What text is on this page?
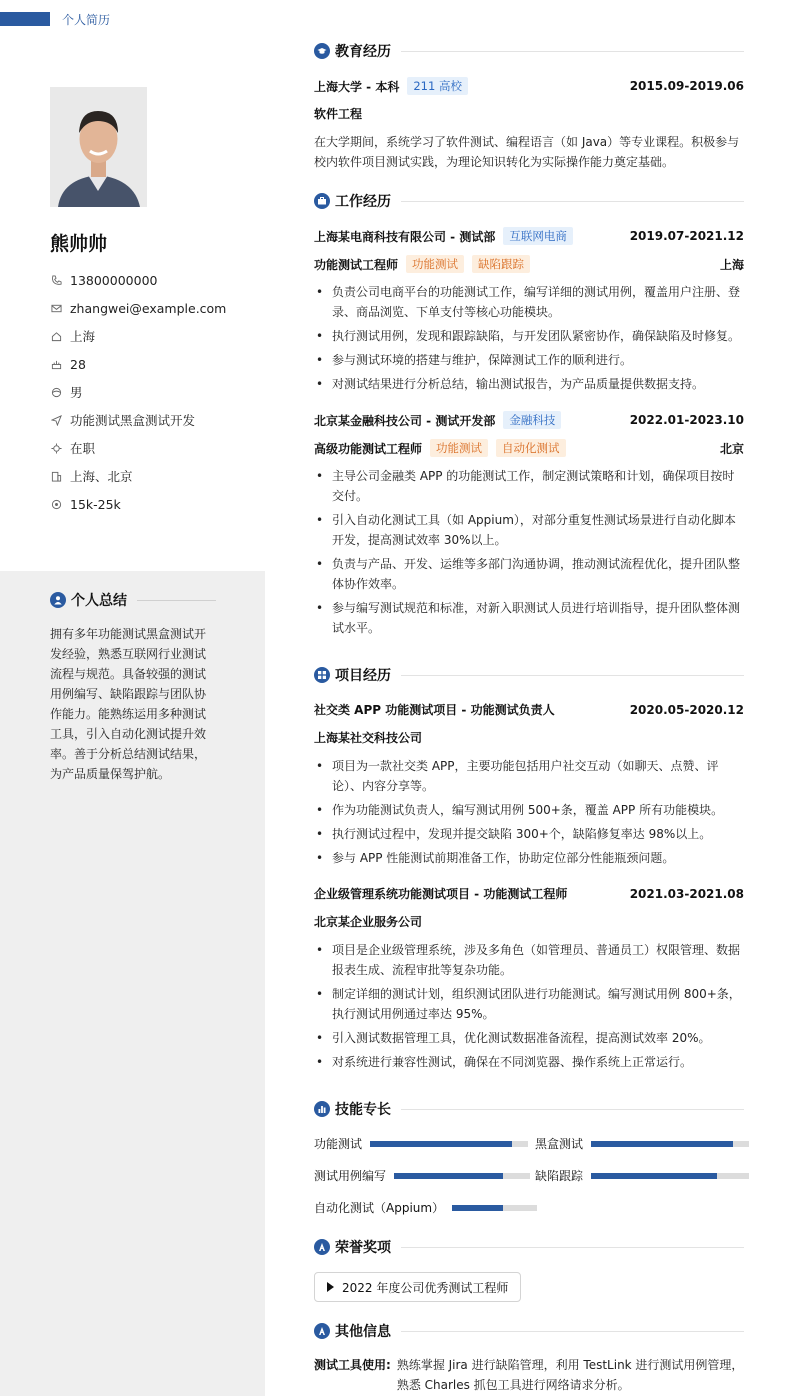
个人简历
熊帅帅
13800000000
zhangwei@example.com
上海
28
男
功能测试黑盒测试开发
在职
上海、北京
15k-25k
个人总结
拥有多年功能测试黑盒测试开发经验，熟悉互联网行业测试流程与规范。具备较强的测试用例编写、缺陷跟踪与团队协作能力。能熟练运用多种测试工具，引入自动化测试提升效率。善于分析总结测试结果，为产品质量保驾护航。
教育经历
上海大学 - 本科	211 高校	2015.09-2019.06
软件工程
在大学期间，系统学习了软件测试、编程语言（如 Java）等专业课程。积极参与校内软件项目测试实践，为理论知识转化为实际操作能力奠定基础。
工作经历
上海某电商科技有限公司 - 测试部	互联网电商	2019.07-2021.12
功能测试工程师	功能测试	缺陷跟踪	上海
• 负责公司电商平台的功能测试工作，编写详细的测试用例，覆盖用户注册、登录、商品浏览、下单支付等核心功能模块。
• 执行测试用例，发现和跟踪缺陷，与开发团队紧密协作，确保缺陷及时修复。
• 参与测试环境的搭建与维护，保障测试工作的顺利进行。
• 对测试结果进行分析总结，输出测试报告，为产品质量提供数据支持。
北京某金融科技公司 - 测试开发部	金融科技	2022.01-2023.10
高级功能测试工程师	功能测试	自动化测试	北京
• 主导公司金融类 APP 的功能测试工作，制定测试策略和计划，确保项目按时交付。
• 引入自动化测试工具（如 Appium），对部分重复性测试场景进行自动化脚本开发，提高测试效率 30%以上。
• 负责与产品、开发、运维等多部门沟通协调，推动测试流程优化，提升团队整体协作效率。
• 参与编写测试规范和标准，对新入职测试人员进行培训指导，提升团队整体测试水平。
项目经历
社交类 APP 功能测试项目 - 功能测试负责人	2020.05-2020.12
上海某社交科技公司
• 项目为一款社交类 APP，主要功能包括用户社交互动（如聊天、点赞、评论）、内容分享等。
• 作为功能测试负责人，编写测试用例 500+条，覆盖 APP 所有功能模块。
• 执行测试过程中，发现并提交缺陷 300+个，缺陷修复率达 98%以上。
• 参与 APP 性能测试前期准备工作，协助定位部分性能瓶颈问题。
企业级管理系统功能测试项目 - 功能测试工程师	2021.03-2021.08
北京某企业服务公司
• 项目是企业级管理系统，涉及多角色（如管理员、普通员工）权限管理、数据报表生成、流程审批等复杂功能。
• 制定详细的测试计划，组织测试团队进行功能测试。编写测试用例 800+条，执行测试用例通过率达 95%。
• 引入测试数据管理工具，优化测试数据准备流程，提高测试效率 20%。
• 对系统进行兼容性测试，确保在不同浏览器、操作系统上正常运行。
技能专长
功能测试	黑盒测试
测试用例编写	缺陷跟踪
自动化测试（Appium）
荣誉奖项
2022 年度公司优秀测试工程师
其他信息
测试工具使用: 熟练掌握 Jira 进行缺陷管理，利用 TestLink 进行测试用例管理，熟悉 Charles 抓包工具进行网络请求分析。
